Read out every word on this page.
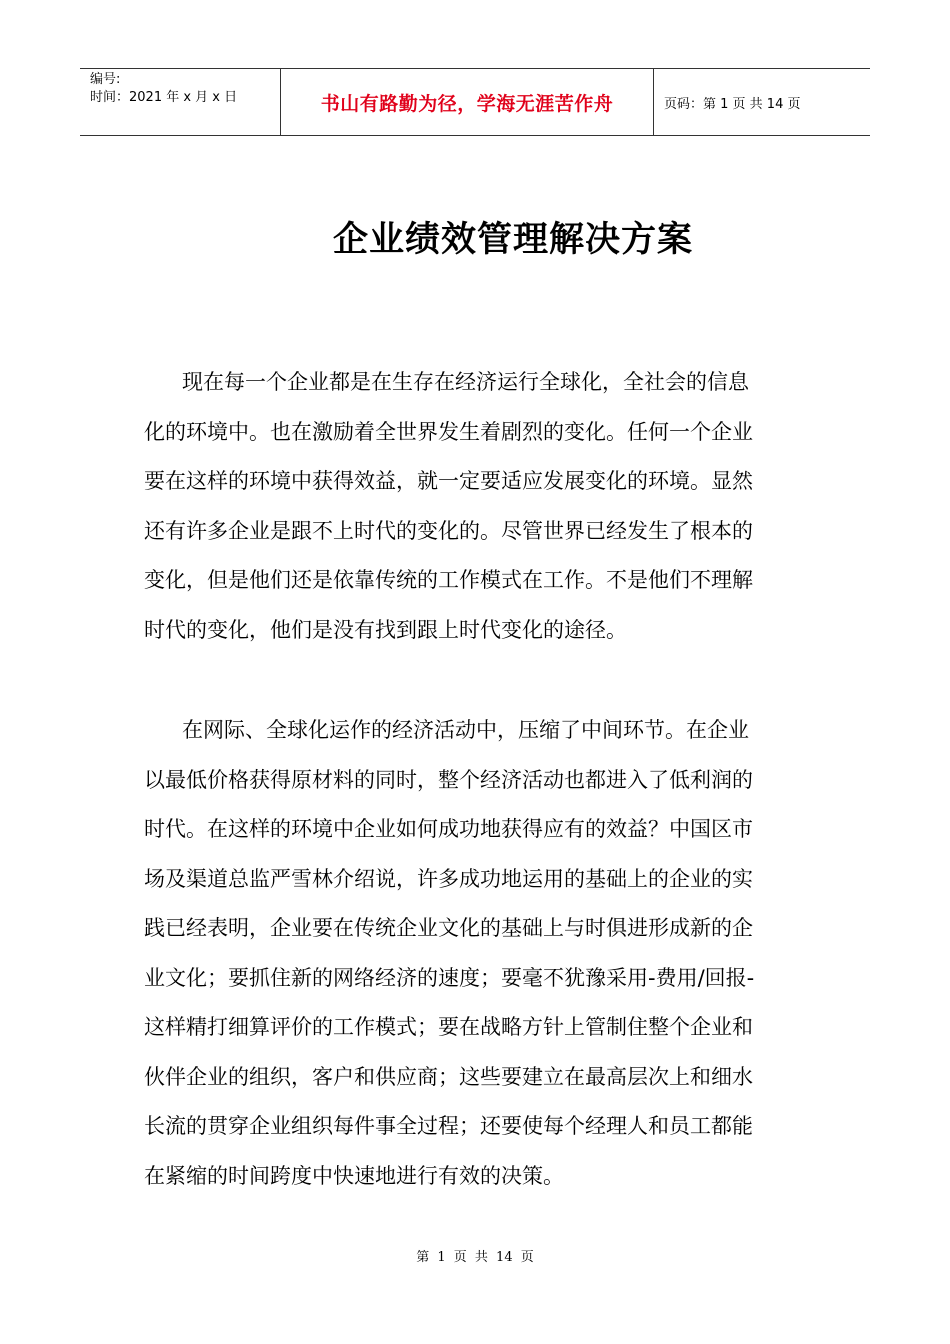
编号:
时间：2021 年 x 月 x 日	书山有路勤为径，学海无涯苦作舟	页码：第 1 页 共 14 页
企业绩效管理解决方案
现在每一个企业都是在生存在经济运行全球化，全社会的信息
化的环境中。也在激励着全世界发生着剧烈的变化。任何一个企业
要在这样的环境中获得效益，就一定要适应发展变化的环境。显然
还有许多企业是跟不上时代的变化的。尽管世界已经发生了根本的
变化，但是他们还是依靠传统的工作模式在工作。不是他们不理解
时代的变化，他们是没有找到跟上时代变化的途径。
在网际、全球化运作的经济活动中，压缩了中间环节。在企业
以最低价格获得原材料的同时，整个经济活动也都进入了低利润的
时代。在这样的环境中企业如何成功地获得应有的效益？中国区市
场及渠道总监严雪林介绍说，许多成功地运用的基础上的企业的实
践已经表明，企业要在传统企业文化的基础上与时俱进形成新的企
业文化；要抓住新的网络经济的速度；要毫不犹豫采用-费用/回报-
这样精打细算评价的工作模式；要在战略方针上管制住整个企业和
伙伴企业的组织，客户和供应商；这些要建立在最高层次上和细水
长流的贯穿企业组织每件事全过程；还要使每个经理人和员工都能
在紧缩的时间跨度中快速地进行有效的决策。
第 1 页 共 14 页
